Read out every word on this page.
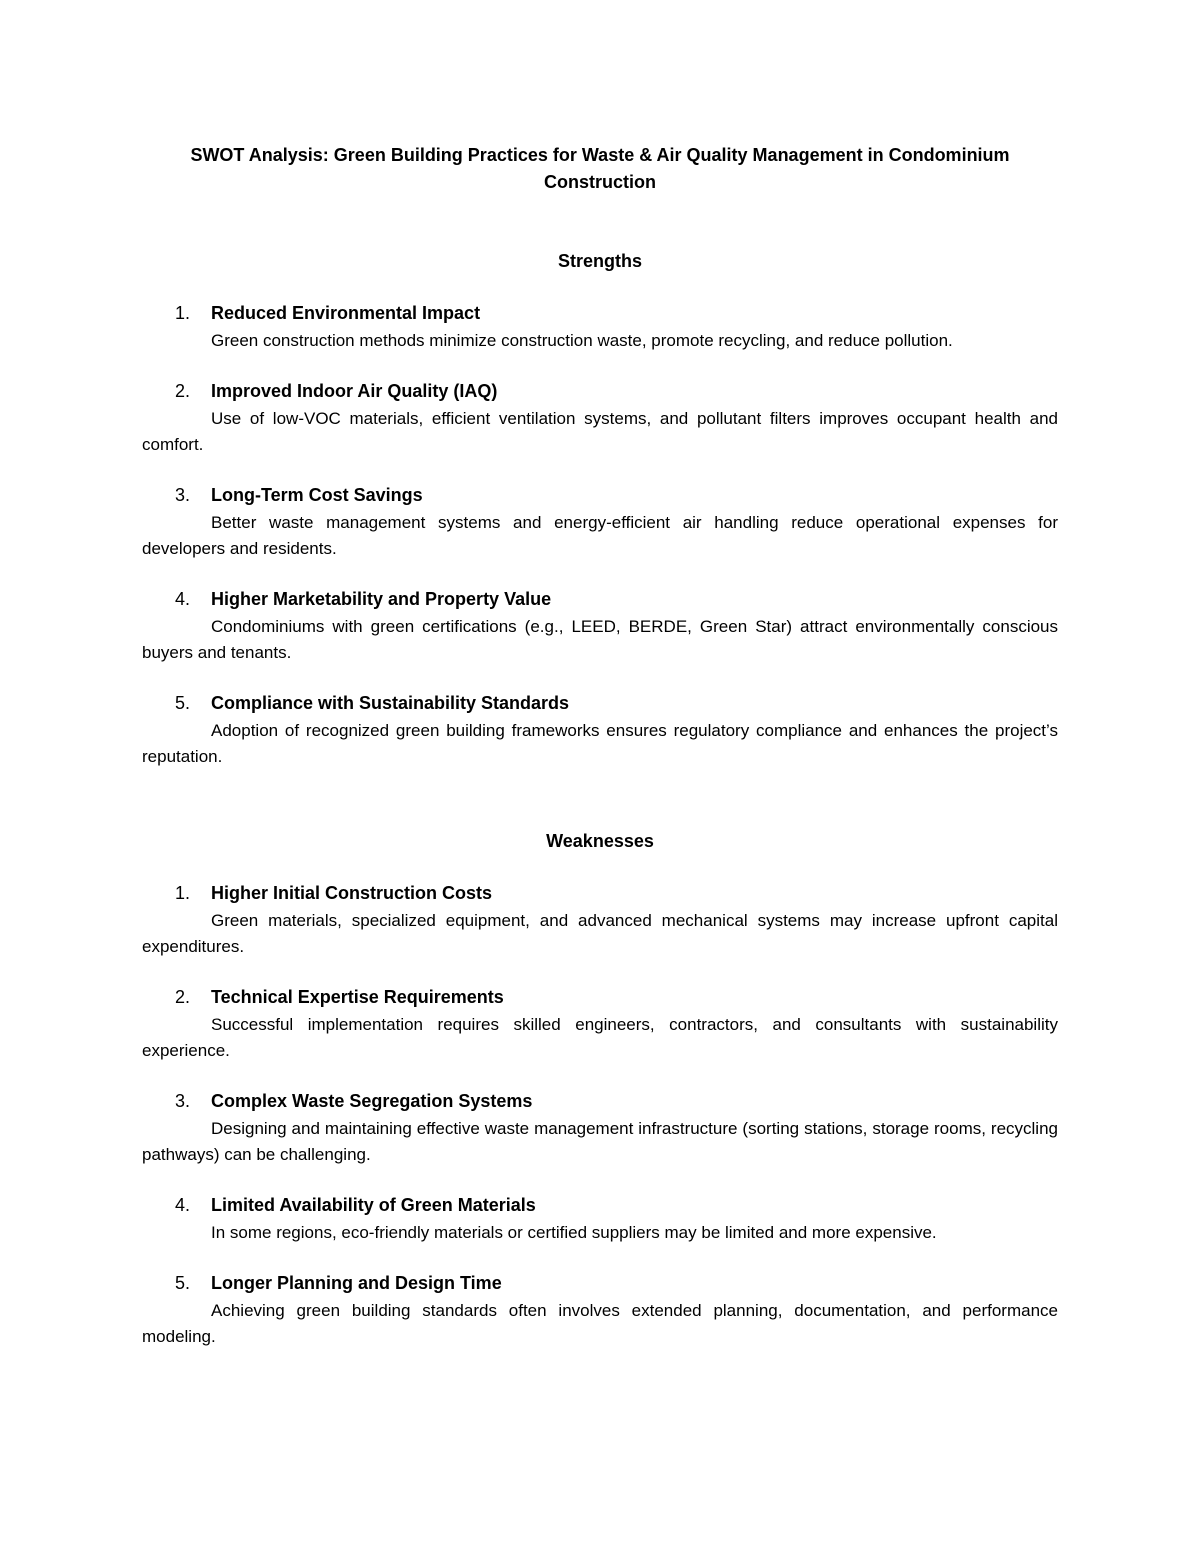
SWOT Analysis: Green Building Practices for Waste & Air Quality Management in Condominium Construction
Strengths
1. Reduced Environmental Impact

Green construction methods minimize construction waste, promote recycling, and reduce pollution.

2. Improved Indoor Air Quality (IAQ)

Use of low-VOC materials, efficient ventilation systems, and pollutant filters improves occupant health and comfort.

3. Long-Term Cost Savings

Better waste management systems and energy-efficient air handling reduce operational expenses for developers and residents.

4. Higher Marketability and Property Value

Condominiums with green certifications (e.g., LEED, BERDE, Green Star) attract environmentally conscious buyers and tenants.

5. Compliance with Sustainability Standards

Adoption of recognized green building frameworks ensures regulatory compliance and enhances the project’s reputation.

Weaknesses
1. Higher Initial Construction Costs

Green materials, specialized equipment, and advanced mechanical systems may increase upfront capital expenditures.

2. Technical Expertise Requirements

Successful implementation requires skilled engineers, contractors, and consultants with sustainability experience.

3. Complex Waste Segregation Systems

Designing and maintaining effective waste management infrastructure (sorting stations, storage rooms, recycling pathways) can be challenging.

4. Limited Availability of Green Materials

In some regions, eco-friendly materials or certified suppliers may be limited and more expensive.

5. Longer Planning and Design Time

Achieving green building standards often involves extended planning, documentation, and performance modeling.
